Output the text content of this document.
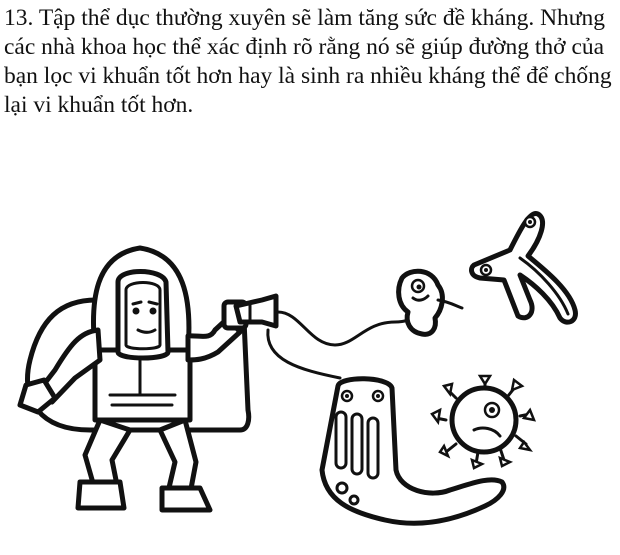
13. Tập thể dục thường xuyên sẽ làm tăng sức đề kháng. Nhưng các nhà khoa học thể xác định rõ rằng nó sẽ giúp đường thở của bạn lọc vi khuẩn tốt hơn hay là sinh ra nhiều kháng thể để chống lại vi khuẩn tốt hơn.
